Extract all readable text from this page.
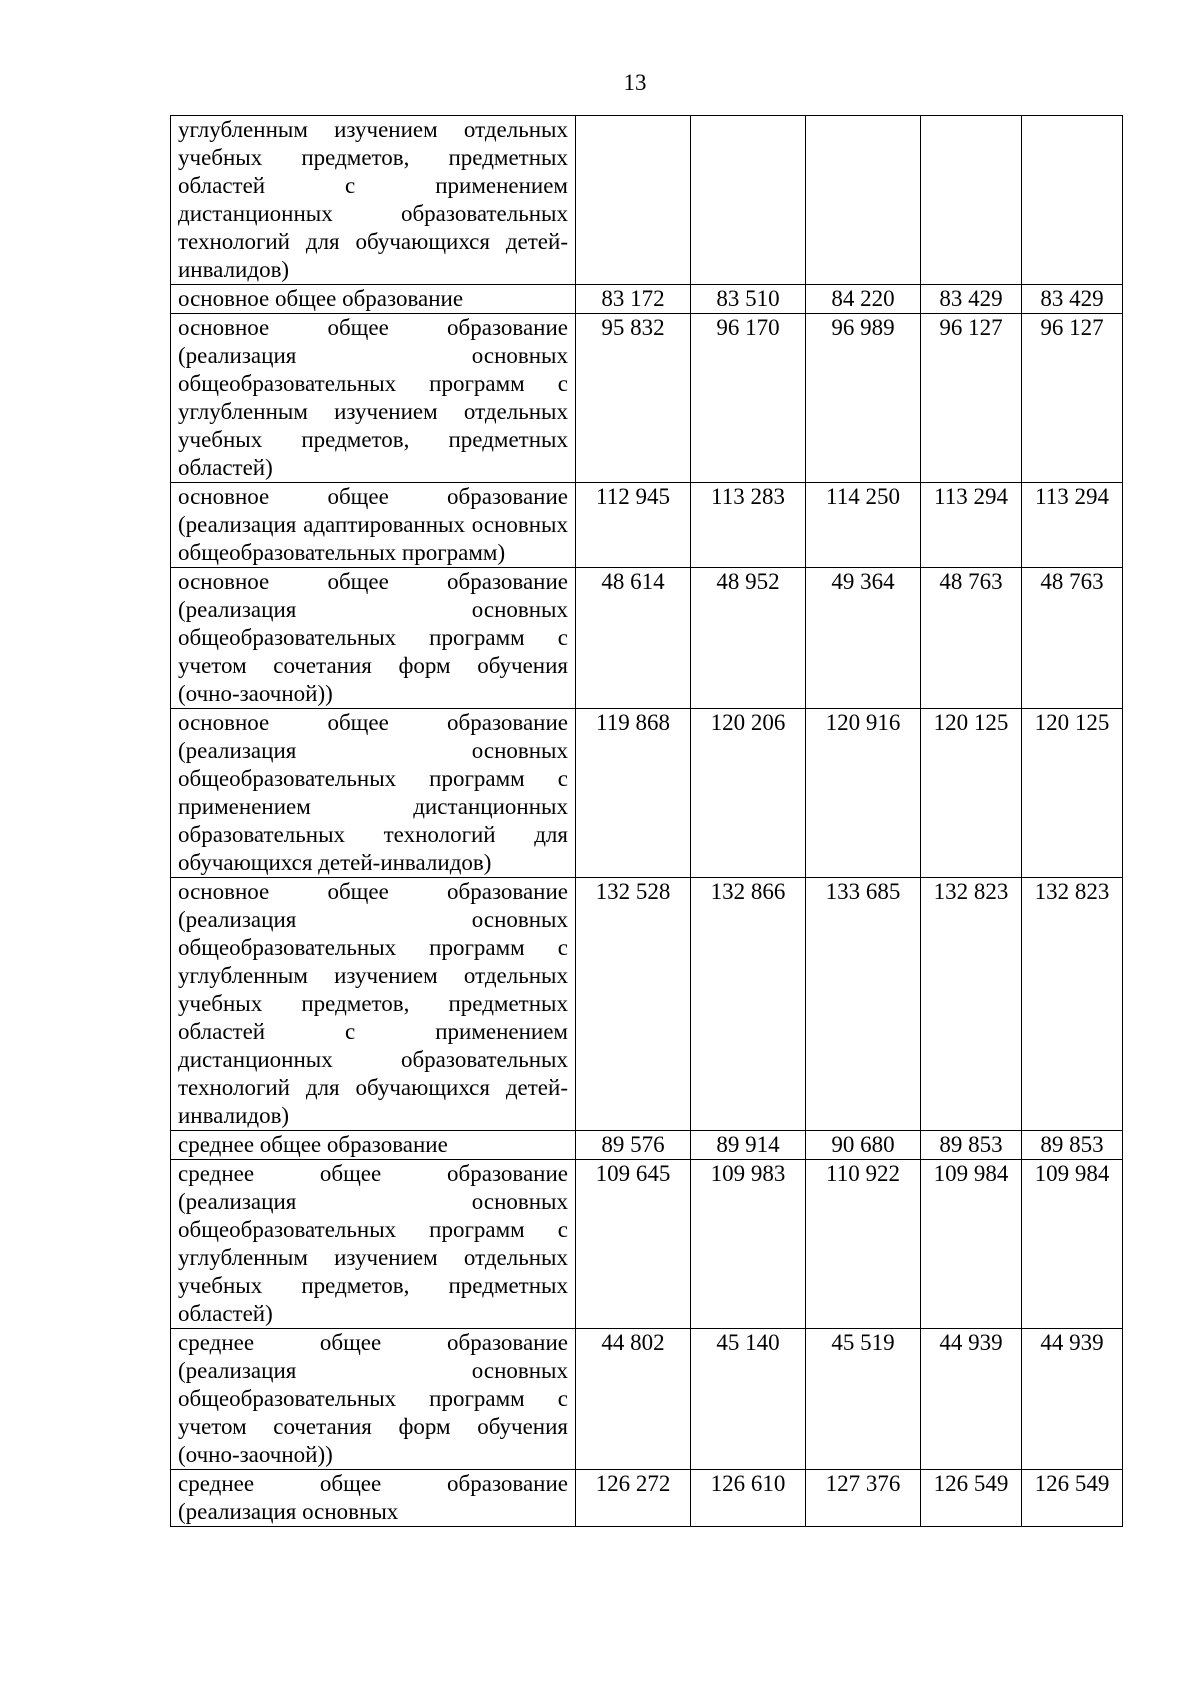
13
углубленным изучением отдельных учебных предметов, предметных областей с применением дистанционных образовательных технологий для обучающихся детей-инвалидов)					
основное общее образование	83 172	83 510	84 220	83 429	83 429
основное общее образование (реализация основных общеобразовательных программ с углубленным изучением отдельных учебных предметов, предметных областей)	95 832	96 170	96 989	96 127	96 127
основное общее образование (реализация адаптированных основных общеобразовательных программ)	112 945	113 283	114 250	113 294	113 294
основное общее образование (реализация основных общеобразовательных программ с учетом сочетания форм обучения (очно-заочной))	48 614	48 952	49 364	48 763	48 763
основное общее образование (реализация основных общеобразовательных программ с применением дистанционных образовательных технологий для обучающихся детей-инвалидов)	119 868	120 206	120 916	120 125	120 125
основное общее образование (реализация основных общеобразовательных программ с углубленным изучением отдельных учебных предметов, предметных областей с применением дистанционных образовательных технологий для обучающихся детей-инвалидов)	132 528	132 866	133 685	132 823	132 823
среднее общее образование	89 576	89 914	90 680	89 853	89 853
среднее общее образование (реализация основных общеобразовательных программ с углубленным изучением отдельных учебных предметов, предметных областей)	109 645	109 983	110 922	109 984	109 984
среднее общее образование (реализация основных общеобразовательных программ с учетом сочетания форм обучения (очно-заочной))	44 802	45 140	45 519	44 939	44 939
среднее общее образование (реализация основных	126 272	126 610	127 376	126 549	126 549
